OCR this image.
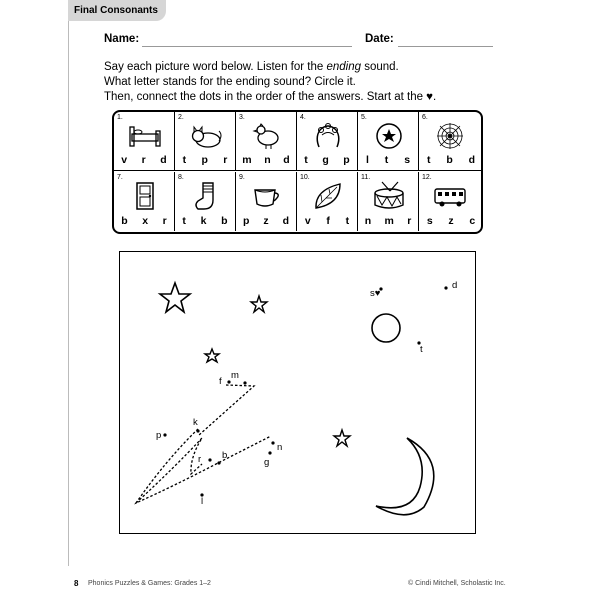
Final Consonants
Name:	Date:
Say each picture word below. Listen for the ending sound.
What letter stands for the ending sound? Circle it.
Then, connect the dots in the order of the answers. Start at the ♥.
1.
v r d
2.
t p r
3.
m n d
4.
t g p
5.
l t s
6.
t b d
7.
b x r
8.
t k b
9.
p z d
10.
v f t
11.
n m r
12.
s z c
s♥
d
t
f
m
k
p
r b
n
g
l
8 Phonics Puzzles & Games: Grades 1–2	© Cindi Mitchell, Scholastic Inc.
